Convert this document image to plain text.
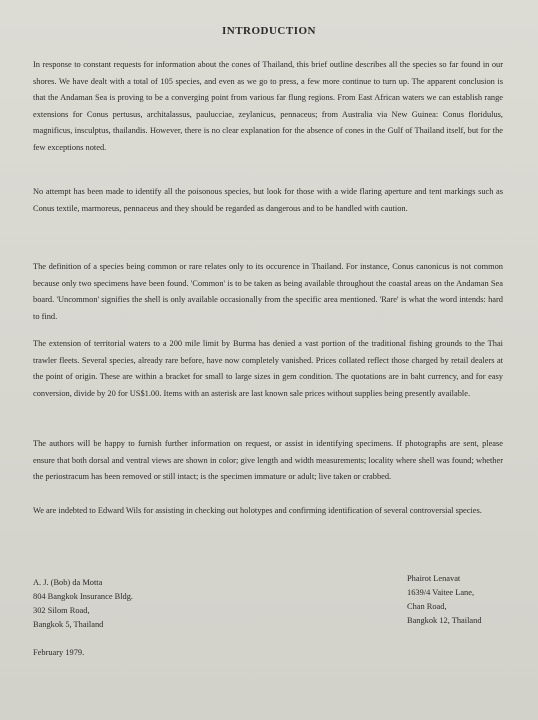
INTRODUCTION
In response to constant requests for information about the cones of Thailand, this brief outline describes all the species so far found in our shores. We have dealt with a total of 105 species, and even as we go to press, a few more continue to turn up. The apparent conclusion is that the Andaman Sea is proving to be a converging point from various far flung regions. From East African waters we can establish range extensions for Conus pertusus, architalassus, paulucciae, zeylanicus, pennaceus; from Australia via New Guinea: Conus floridulus, magnificus, insculptus, thailandis. However, there is no clear explanation for the absence of cones in the Gulf of Thailand itself, but for the few exceptions noted.
No attempt has been made to identify all the poisonous species, but look for those with a wide flaring aperture and tent markings such as Conus textile, marmoreus, pennaceus and they should be regarded as dangerous and to be handled with caution.
The definition of a species being common or rare relates only to its occurence in Thailand. For instance, Conus canonicus is not common because only two specimens have been found. 'Common' is to be taken as being available throughout the coastal areas on the Andaman Sea board. 'Uncommon' signifies the shell is only available occasionally from the specific area mentioned. 'Rare' is what the word intends: hard to find.
The extension of territorial waters to a 200 mile limit by Burma has denied a vast portion of the traditional fishing grounds to the Thai trawler fleets. Several species, already rare before, have now completely vanished. Prices collated reflect those charged by retail dealers at the point of origin. These are within a bracket for small to large sizes in gem condition. The quotations are in baht currency, and for easy conversion, divide by 20 for US$1.00. Items with an asterisk are last known sale prices without supplies being presently available.
The authors will be happy to furnish further information on request, or assist in identifying specimens. If photographs are sent, please ensure that both dorsal and ventral views are shown in color; give length and width measurements; locality where shell was found; whether the periostracum has been removed or still intact; is the specimen immature or adult; live taken or crabbed.
We are indebted to Edward Wils for assisting in checking out holotypes and confirming identification of several controversial species.
A. J. (Bob) da Motta
804 Bangkok Insurance Bldg.
302 Silom Road,
Bangkok 5, Thailand
Phairot Lenavat
1639/4 Vaitee Lane,
Chan Road,
Bangkok 12, Thailand
February 1979.
